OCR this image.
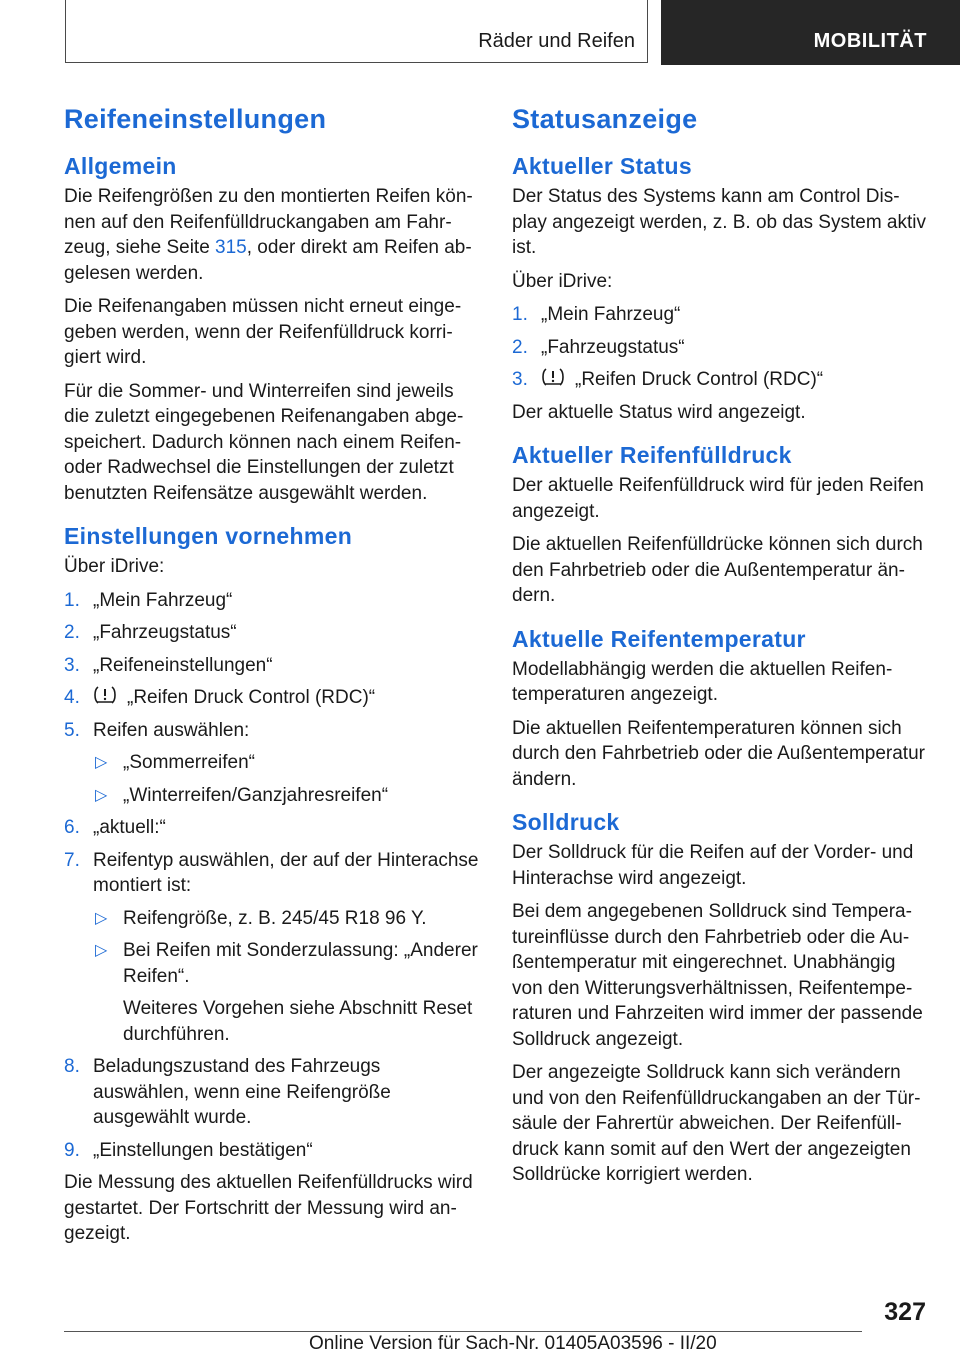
Räder und Reifen	MOBILITÄT
Reifeneinstellungen
Allgemein

Die Reifengrößen zu den montierten Reifen können auf den Reifenfülldruckangaben am Fahrzeug, siehe Seite 315, oder direkt am Reifen abgelesen werden.

Die Reifenangaben müssen nicht erneut eingegeben werden, wenn der Reifenfülldruck korrigiert wird.

Für die Sommer- und Winterreifen sind jeweils die zuletzt eingegebenen Reifenangaben abgespeichert. Dadurch können nach einem Reifen- oder Radwechsel die Einstellungen der zuletzt benutzten Reifensätze ausgewählt werden.

Einstellungen vornehmen

Über iDrive:

1. „Mein Fahrzeug“
2. „Fahrzeugstatus“
3. „Reifeneinstellungen“
4. „Reifen Druck Control (RDC)“
5. Reifen auswählen:
▷ „Sommerreifen“
▷ „Winterreifen/Ganzjahresreifen“
6. „aktuell:“
7. Reifentyp auswählen, der auf der Hinterachse montiert ist:
▷ Reifengröße, z. B. 245/45 R18 96 Y.
▷ Bei Reifen mit Sonderzulassung: „Anderer Reifen“.
Weiteres Vorgehen siehe Abschnitt Reset durchführen.
8. Beladungszustand des Fahrzeugs auswählen, wenn eine Reifengröße ausgewählt wurde.
9. „Einstellungen bestätigen“

Die Messung des aktuellen Reifenfülldrucks wird gestartet. Der Fortschritt der Messung wird angezeigt.

Statusanzeige
Aktueller Status

Der Status des Systems kann am Control Display angezeigt werden, z. B. ob das System aktiv ist.

Über iDrive:

1. „Mein Fahrzeug“
2. „Fahrzeugstatus“
3. „Reifen Druck Control (RDC)“

Der aktuelle Status wird angezeigt.

Aktueller Reifenfülldruck

Der aktuelle Reifenfülldruck wird für jeden Reifen angezeigt.

Die aktuellen Reifenfülldrücke können sich durch den Fahrbetrieb oder die Außentemperatur ändern.

Aktuelle Reifentemperatur

Modellabhängig werden die aktuellen Reifentemperaturen angezeigt.

Die aktuellen Reifentemperaturen können sich durch den Fahrbetrieb oder die Außentemperatur ändern.

Solldruck

Der Solldruck für die Reifen auf der Vorder- und Hinterachse wird angezeigt.

Bei dem angegebenen Solldruck sind Temperatureinflüsse durch den Fahrbetrieb oder die Außentemperatur mit eingerechnet. Unabhängig von den Witterungsverhältnissen, Reifentemperaturen und Fahrzeiten wird immer der passende Solldruck angezeigt.

Der angezeigte Solldruck kann sich verändern und von den Reifenfülldruckangaben an der Türsäule der Fahrertür abweichen. Der Reifenfülldruck kann somit auf den Wert der angezeigten Solldrücke korrigiert werden.

327
Online Version für Sach-Nr. 01405A03596 - II/20
